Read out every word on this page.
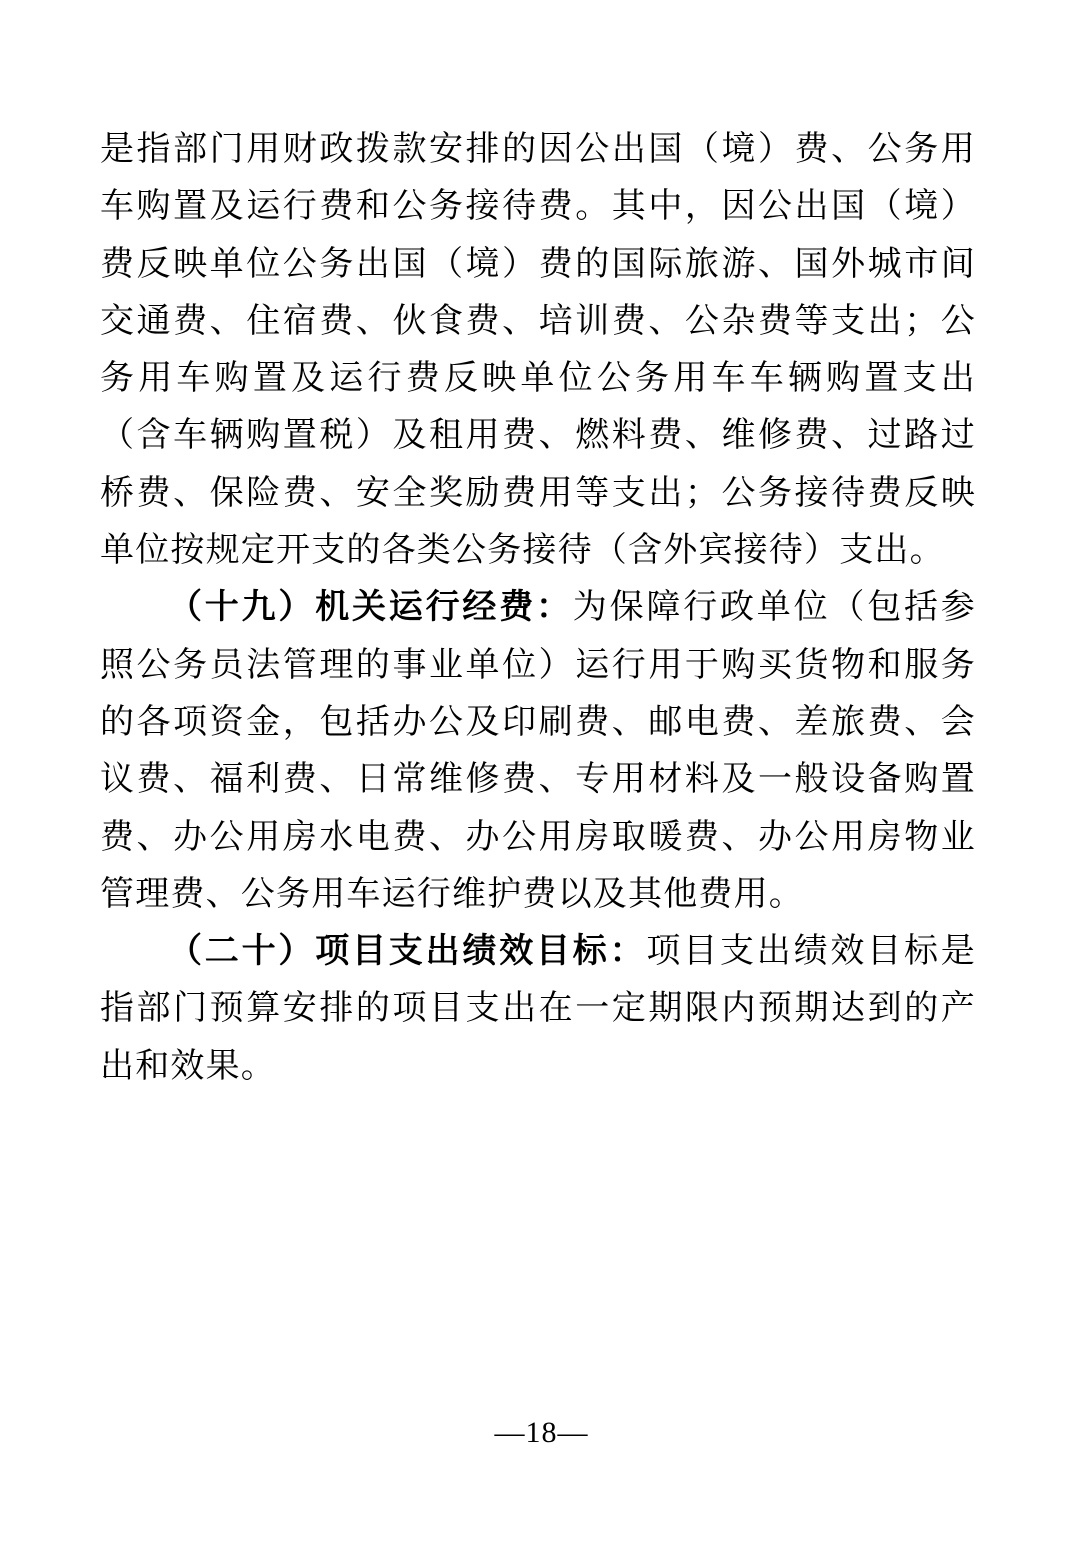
是指部门用财政拨款安排的因公出国（境）费、公务用车购置及运行费和公务接待费。其中，因公出国（境）费反映单位公务出国（境）费的国际旅游、国外城市间交通费、住宿费、伙食费、培训费、公杂费等支出；公务用车购置及运行费反映单位公务用车车辆购置支出（含车辆购置税）及租用费、燃料费、维修费、过路过桥费、保险费、安全奖励费用等支出；公务接待费反映单位按规定开支的各类公务接待（含外宾接待）支出。

（十九）机关运行经费：为保障行政单位（包括参照公务员法管理的事业单位）运行用于购买货物和服务的各项资金，包括办公及印刷费、邮电费、差旅费、会议费、福利费、日常维修费、专用材料及一般设备购置费、办公用房水电费、办公用房取暖费、办公用房物业管理费、公务用车运行维护费以及其他费用。

（二十）项目支出绩效目标：项目支出绩效目标是指部门预算安排的项目支出在一定期限内预期达到的产出和效果。

—18—
